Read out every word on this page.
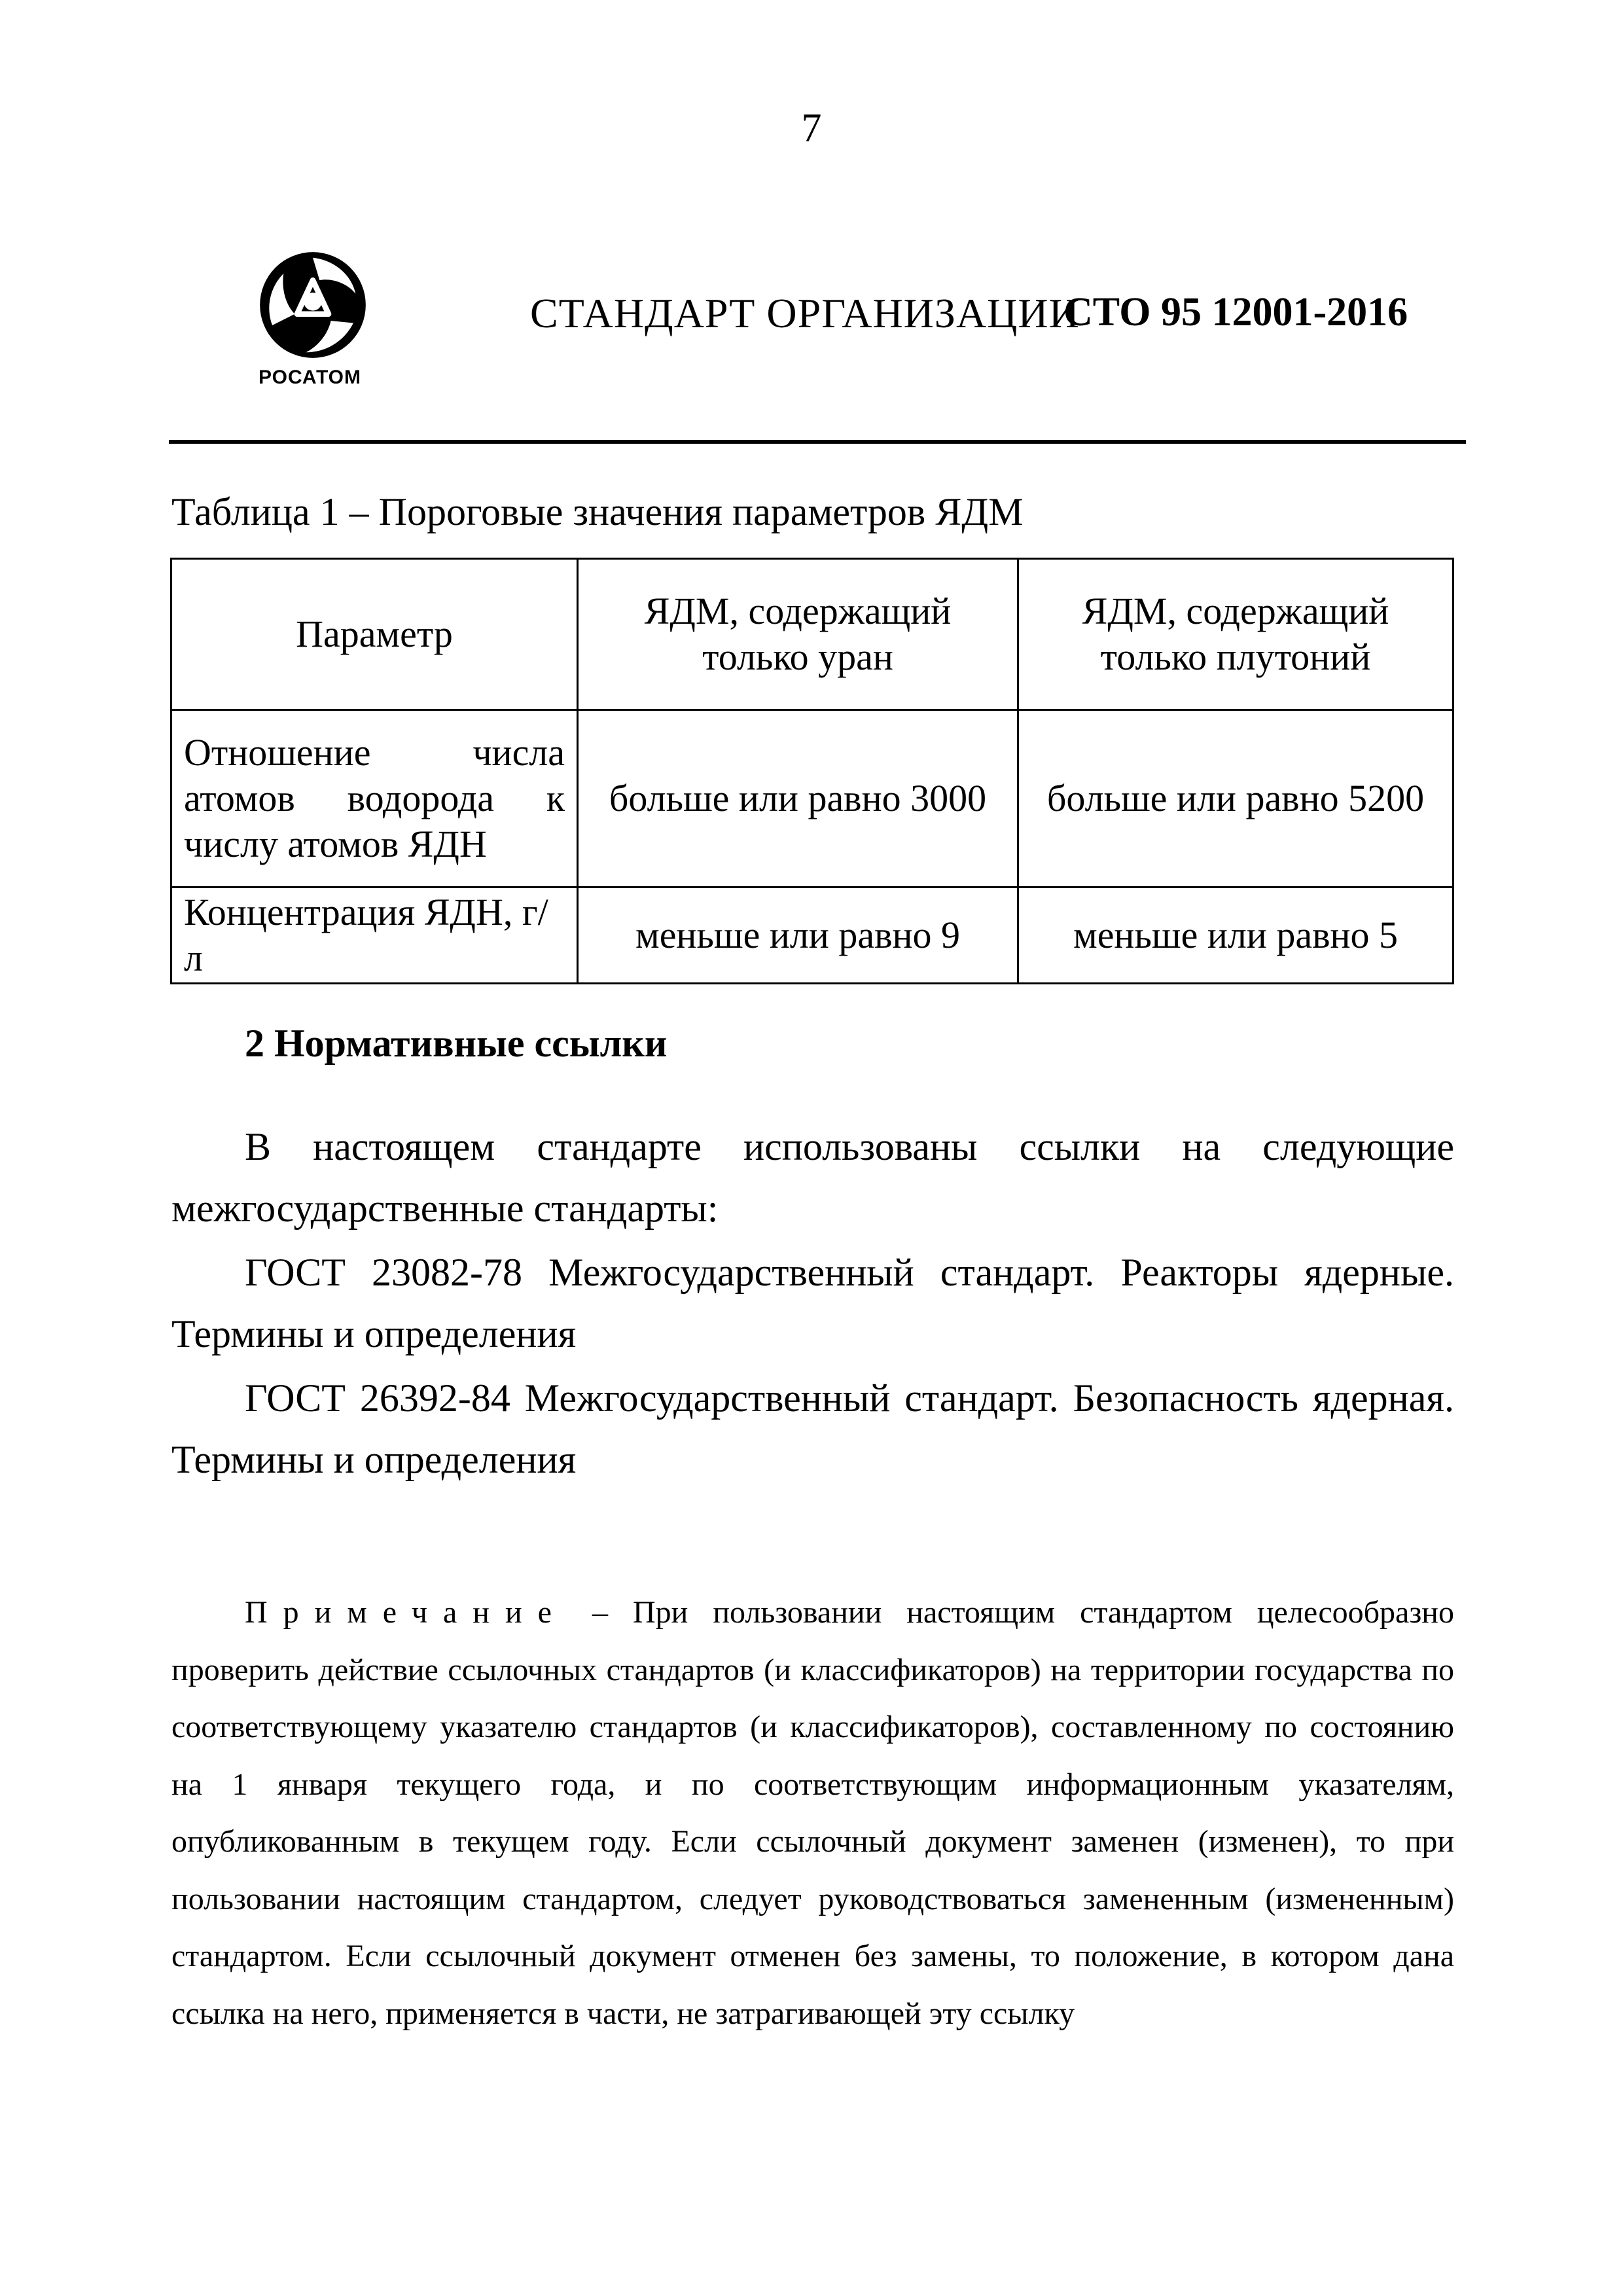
7
РОСАТОМ
СТАНДАРТ ОРГАНИЗАЦИИ
СТО 95 12001-2016
Таблица 1 – Пороговые значения параметров ЯДМ
Параметр	ЯДМ, содержащий только уран	ЯДМ, содержащий только плутоний

Отношение числа
атомов водорода к
числу атомов ЯДН	больше или равно 3000	больше или равно 5200
Концентрация ЯДН, г/л	меньше или равно 9	меньше или равно 5
2 Нормативные ссылки
В настоящем стандарте использованы ссылки на следующие межгосударственные стандарты:
ГОСТ 23082-78 Межгосударственный стандарт. Реакторы ядерные. Термины и определения
ГОСТ 26392-84 Межгосударственный стандарт. Безопасность ядерная. Термины и определения
Примечание – При пользовании настоящим стандартом целесообразно проверить действие ссылочных стандартов (и классификаторов) на территории государства по соответствующему указателю стандартов (и классификаторов), составленному по состоянию на 1 января текущего года, и по соответствующим информационным указателям, опубликованным в текущем году. Если ссылочный документ заменен (изменен), то при пользовании настоящим стандартом, следует руководствоваться замененным (измененным) стандартом. Если ссылочный документ отменен без замены, то положение, в котором дана ссылка на него, применяется в части, не затрагивающей эту ссылку
